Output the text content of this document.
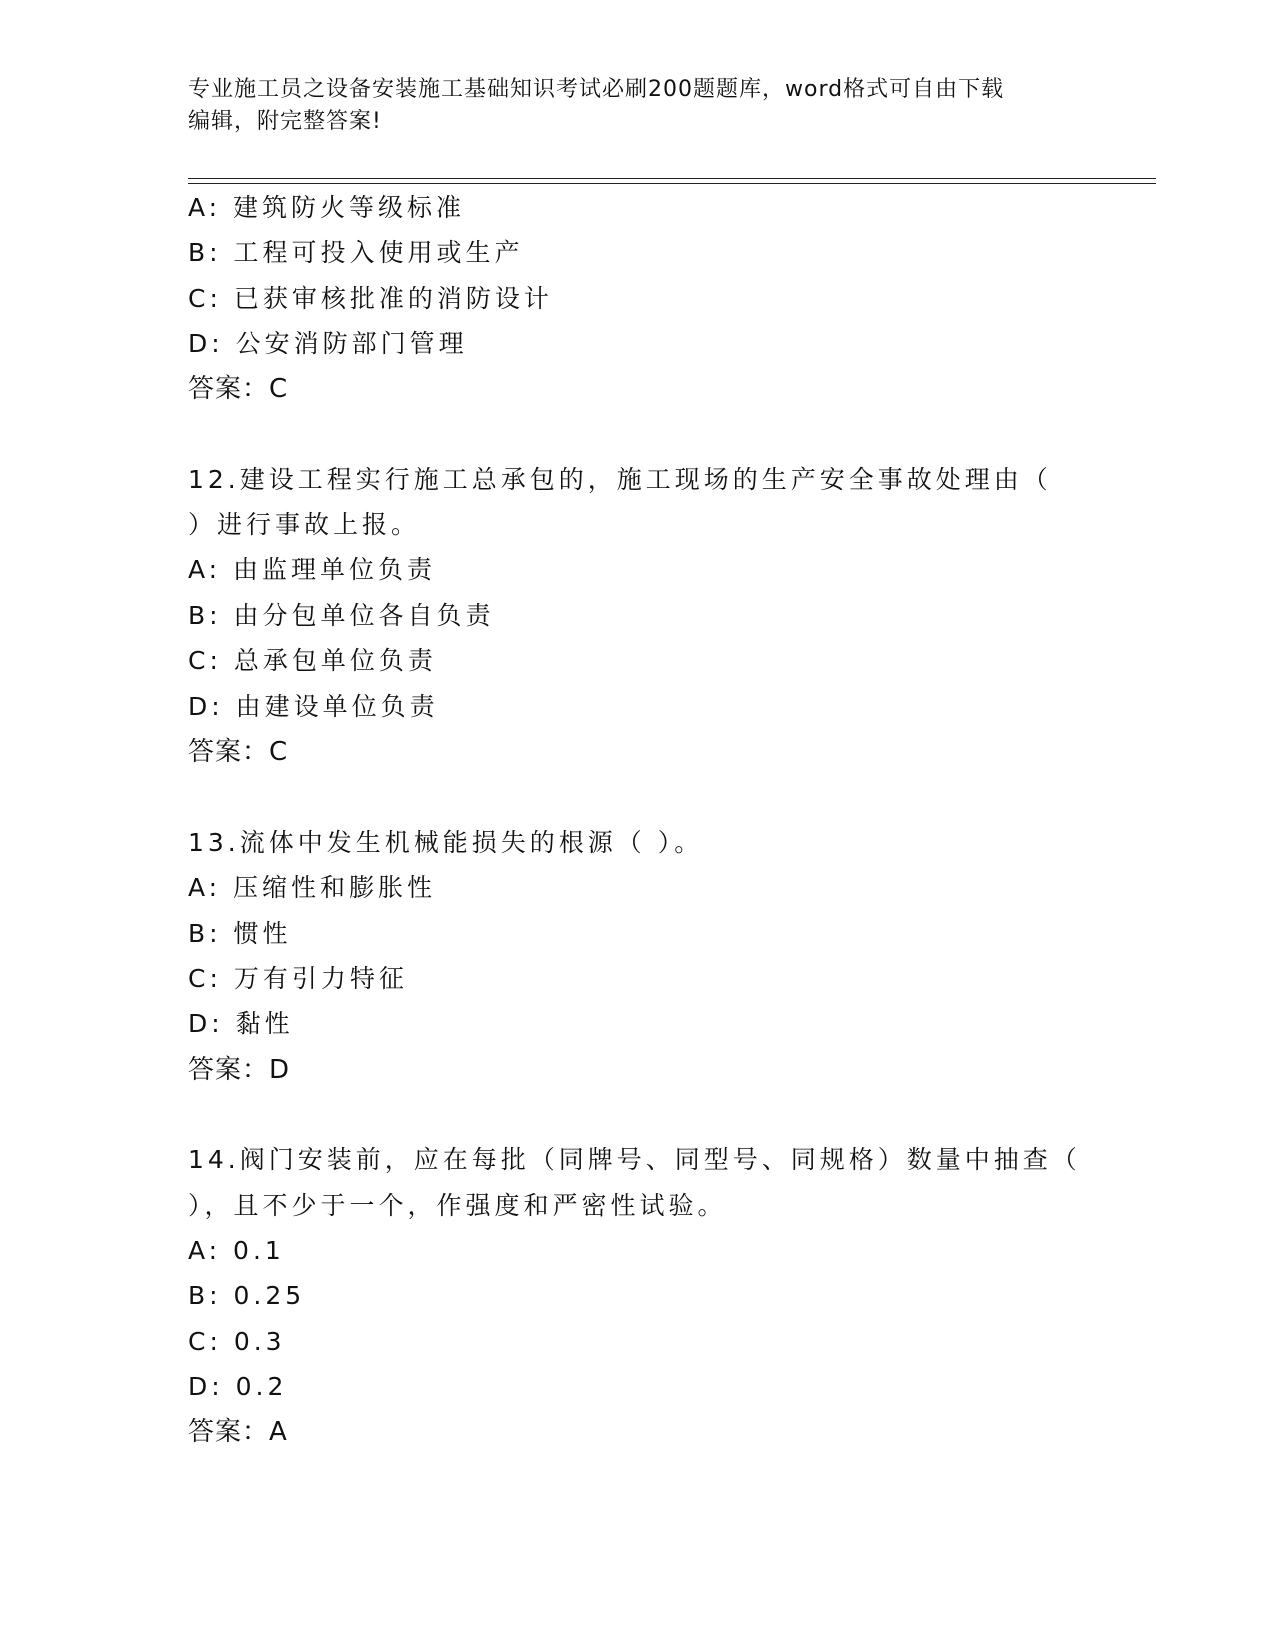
专业施工员之设备安装施工基础知识考试必刷200题题库，word格式可自由下载
编辑，附完整答案!
A: 建筑防火等级标准
B: 工程可投入使用或生产
C: 已获审核批准的消防设计
D: 公安消防部门管理
答案：C
12.建设工程实行施工总承包的，施工现场的生产安全事故处理由（
）进行事故上报。
A: 由监理单位负责
B: 由分包单位各自负责
C: 总承包单位负责
D: 由建设单位负责
答案：C
13.流体中发生机械能损失的根源（ ）。
A: 压缩性和膨胀性
B: 惯性
C: 万有引力特征
D: 黏性
答案：D
14.阀门安装前，应在每批（同牌号、同型号、同规格）数量中抽查（
），且不少于一个，作强度和严密性试验。
A: 0.1
B: 0.25
C: 0.3
D: 0.2
答案：A
